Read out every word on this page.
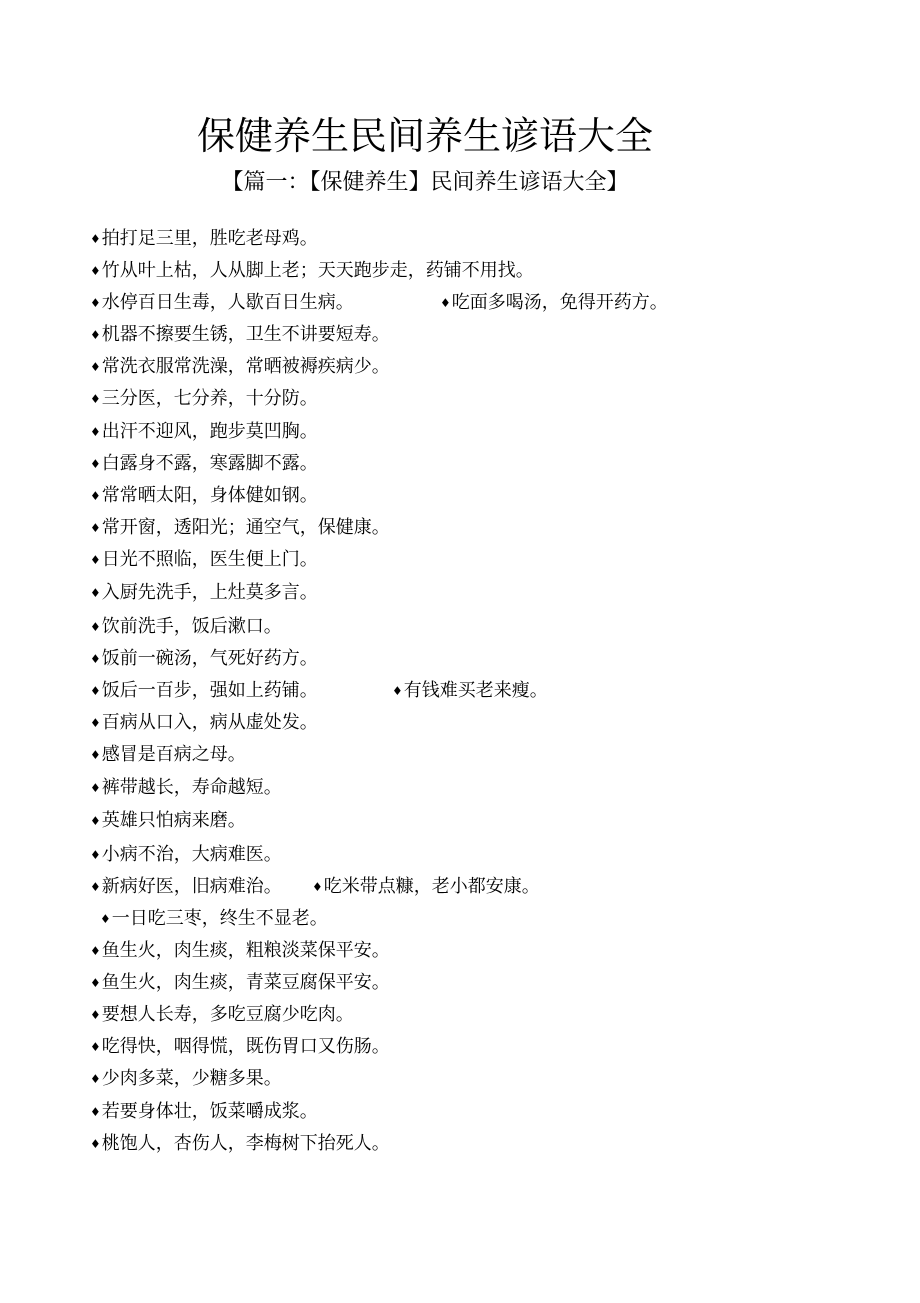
保健养生民间养生谚语大全
【篇一：【保健养生】民间养生谚语大全】
♦拍打足三里，胜吃老母鸡。
♦竹从叶上枯，人从脚上老；天天跑步走，药铺不用找。
♦水停百日生毒，人歇百日生病。	♦吃面多喝汤，免得开药方。
♦机器不擦要生锈，卫生不讲要短寿。
♦常洗衣服常洗澡，常晒被褥疾病少。
♦三分医，七分养，十分防。
♦出汗不迎风，跑步莫凹胸。
♦白露身不露，寒露脚不露。
♦常常晒太阳，身体健如钢。
♦常开窗，透阳光；通空气，保健康。
♦日光不照临，医生便上门。
♦入厨先洗手，上灶莫多言。
♦饮前洗手，饭后漱口。
♦饭前一碗汤，气死好药方。
♦饭后一百步，强如上药铺。	♦有钱难买老来瘦。
♦百病从口入，病从虚处发。
♦感冒是百病之母。
♦裤带越长，寿命越短。
♦英雄只怕病来磨。
♦小病不治，大病难医。
♦新病好医，旧病难治。	♦吃米带点糠，老小都安康。
♦一日吃三枣，终生不显老。
♦鱼生火，肉生痰，粗粮淡菜保平安。
♦鱼生火，肉生痰，青菜豆腐保平安。
♦要想人长寿，多吃豆腐少吃肉。
♦吃得快，咽得慌，既伤胃口又伤肠。
♦少肉多菜，少糖多果。
♦若要身体壮，饭菜嚼成浆。
♦桃饱人，杏伤人，李梅树下抬死人。
